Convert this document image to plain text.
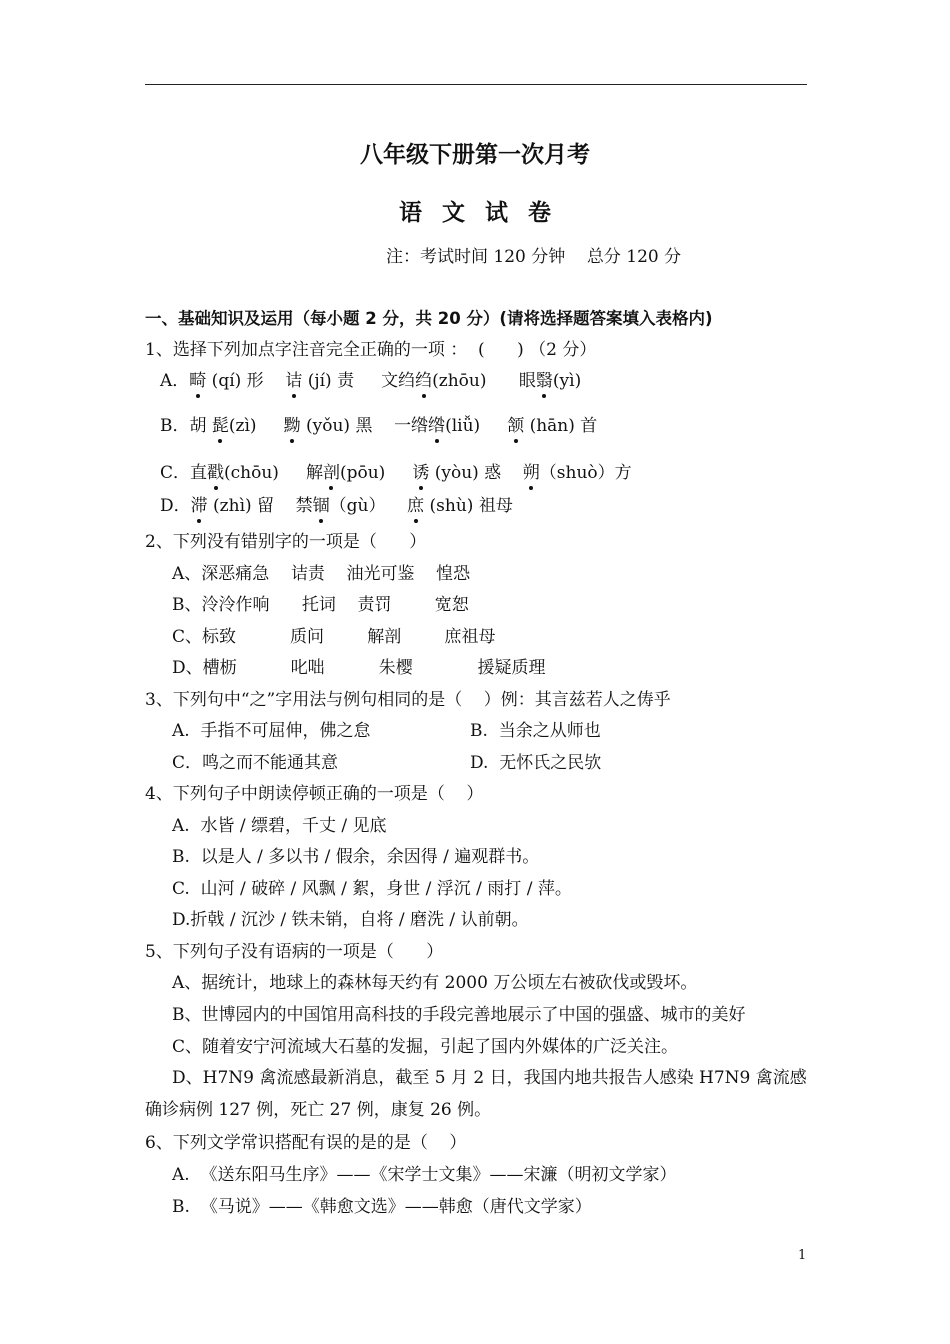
八年级下册第一次月考
语文试卷
注：考试时间 120 分钟    总分 120 分
一、基础知识及运用（每小题 2 分，共 20 分）(请将选择题答案填入表格内)
1、选择下列加点字注音完全正确的一项 ：  (      ) （2 分）
A．畸 (qí) 形    诘 (jí) 责     文绉绉(zhōu)      眼翳(yì)
B．胡 髭(zì)     黝 (yǒu) 黑    一绺绺(liǚ)     颔 (hān) 首
C．直戳(chōu)     解剖(pōu)     诱 (yòu) 惑    朔（shuò）方
D．滞 (zhì) 留    禁锢（gù）    庶 (shù) 祖母
2、下列没有错别字的一项是（      ）
A、深恶痛急    诘责    油光可鉴    惶恐
B、泠泠作响      托词    责罚        宽恕
C、标致          质问        解剖        庶祖母
D、槽枥          叱咄          朱樱            援疑质理
3、下列句中“之”字用法与例句相同的是（    ）例：其言兹若人之俦乎
A.  手指不可屈伸，佛之怠	B.  当余之从师也
C．鸣之而不能通其意	D.  无怀氏之民欤
4、下列句子中朗读停顿正确的一项是（    ）
A.  水皆 / 缥碧，千丈 / 见底
B.  以是人 / 多以书 / 假余，余因得 / 遍观群书。
C.  山河 / 破碎 / 风飘 / 絮，身世 / 浮沉 / 雨打 / 萍。
D.折戟 / 沉沙 / 铁未销，自将 / 磨洗 / 认前朝。
5、下列句子没有语病的一项是（      ）
A、据统计，地球上的森林每天约有 2000 万公顷左右被砍伐或毁坏。
B、世博园内的中国馆用高科技的手段完善地展示了中国的强盛、城市的美好
C、随着安宁河流域大石墓的发掘，引起了国内外媒体的广泛关注。
D、H7N9 禽流感最新消息，截至 5 月 2 日，我国内地共报告人感染 H7N9 禽流感
确诊病例 127 例，死亡 27 例，康复 26 例。
6、下列文学常识搭配有误的是的是（    ）
A.  《送东阳马生序》——《宋学士文集》——宋濂（明初文学家）
B.  《马说》——《韩愈文选》——韩愈（唐代文学家）
1
